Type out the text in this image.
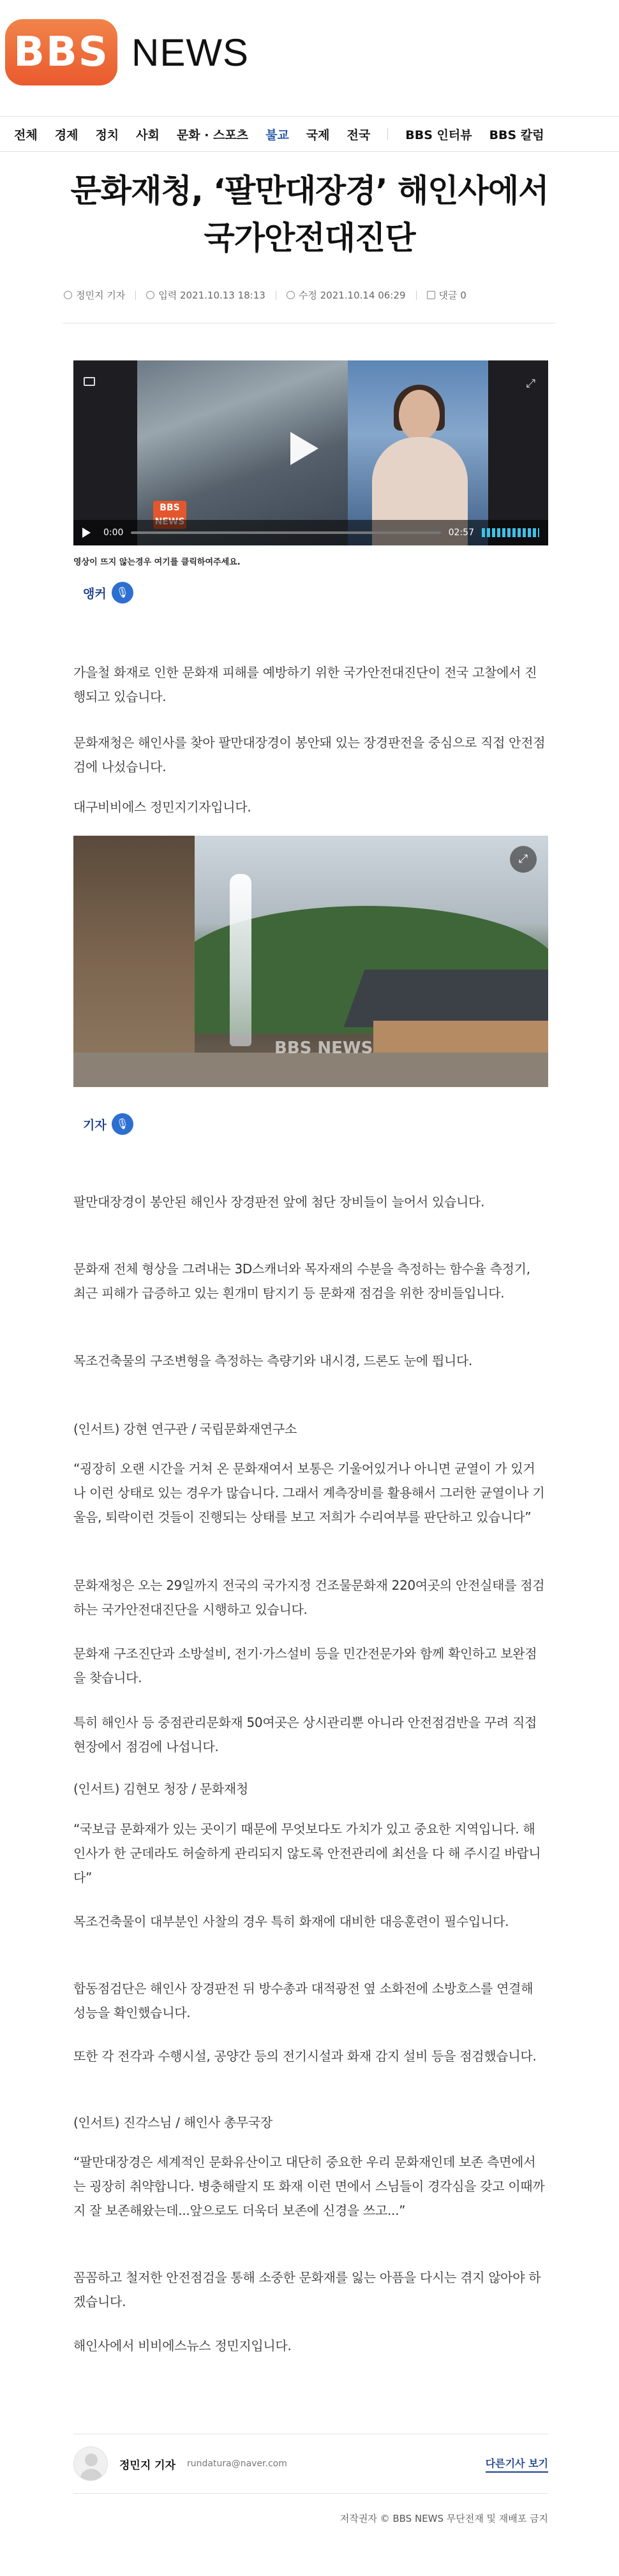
BBS NEWS
전체 경제 정치 사회 문화 · 스포츠 불교 국제 전국	BBS 인터뷰 BBS 칼럼
문화재청, ‘팔만대장경’ 해인사에서
국가안전대진단
정민지 기자	입력 2021.10.13 18:13	수정 2021.10.14 06:29	댓글 0
BBS
⤢
0:00	02:57
영상이 뜨지 않는경우 여기를 클릭하여주세요.
앵커 🎙
가을철 화재로 인한 문화재 피해를 예방하기 위한 국가안전대진단이 전국 고찰에서 진행되고 있습니다.
문화재청은 해인사를 찾아 팔만대장경이 봉안돼 있는 장경판전을 중심으로 직접 안전점검에 나섰습니다.
대구비비에스 정민지기자입니다.
BBS NEWS
⤢
기자 🎙
팔만대장경이 봉안된 해인사 장경판전 앞에 첨단 장비들이 늘어서 있습니다.
문화재 전체 형상을 그려내는 3D스캐너와 목자재의 수분을 측정하는 함수율 측정기, 최근 피해가 급증하고 있는 흰개미 탐지기 등 문화재 점검을 위한 장비들입니다.
목조건축물의 구조변형을 측정하는 측량기와 내시경, 드론도 눈에 띕니다.
(인서트) 강현 연구관 / 국립문화재연구소
“굉장히 오랜 시간을 거쳐 온 문화재여서 보통은 기울어있거나 아니면 균열이 가 있거나 이런 상태로 있는 경우가 많습니다. 그래서 계측장비를 활용해서 그러한 균열이나 기울음, 퇴락이런 것들이 진행되는 상태를 보고 저희가 수리여부를 판단하고 있습니다”
문화재청은 오는 29일까지 전국의 국가지정 건조물문화재 220여곳의 안전실태를 점검하는 국가안전대진단을 시행하고 있습니다.
문화재 구조진단과 소방설비, 전기·가스설비 등을 민간전문가와 함께 확인하고 보완점을 찾습니다.
특히 해인사 등 중점관리문화재 50여곳은 상시관리뿐 아니라 안전점검반을 꾸려 직접 현장에서 점검에 나섭니다.
(인서트) 김현모 청장 / 문화재청
“국보급 문화재가 있는 곳이기 때문에 무엇보다도 가치가 있고 중요한 지역입니다. 해인사가 한 군데라도 허술하게 관리되지 않도록 안전관리에 최선을 다 해 주시길 바랍니다”
목조건축물이 대부분인 사찰의 경우 특히 화재에 대비한 대응훈련이 필수입니다.
합동점검단은 해인사 장경판전 뒤 방수총과 대적광전 옆 소화전에 소방호스를 연결해 성능을 확인했습니다.
또한 각 전각과 수행시설, 공양간 등의 전기시설과 화재 감지 설비 등을 점검했습니다.
(인서트) 진각스님 / 해인사 총무국장
“팔만대장경은 세계적인 문화유산이고 대단히 중요한 우리 문화재인데 보존 측면에서는 굉장히 취약합니다. 병충해랄지 또 화재 이런 면에서 스님들이 경각심을 갖고 이때까지 잘 보존해왔는데...앞으로도 더욱더 보존에 신경을 쓰고...”
꼼꼼하고 철저한 안전점검을 통해 소중한 문화재를 잃는 아픔을 다시는 겪지 않아야 하겠습니다.
해인사에서 비비에스뉴스 정민지입니다.
정민지 기자 rundatura@naver.com	다른기사 보기
저작권자 © BBS NEWS 무단전재 및 재배포 금지
